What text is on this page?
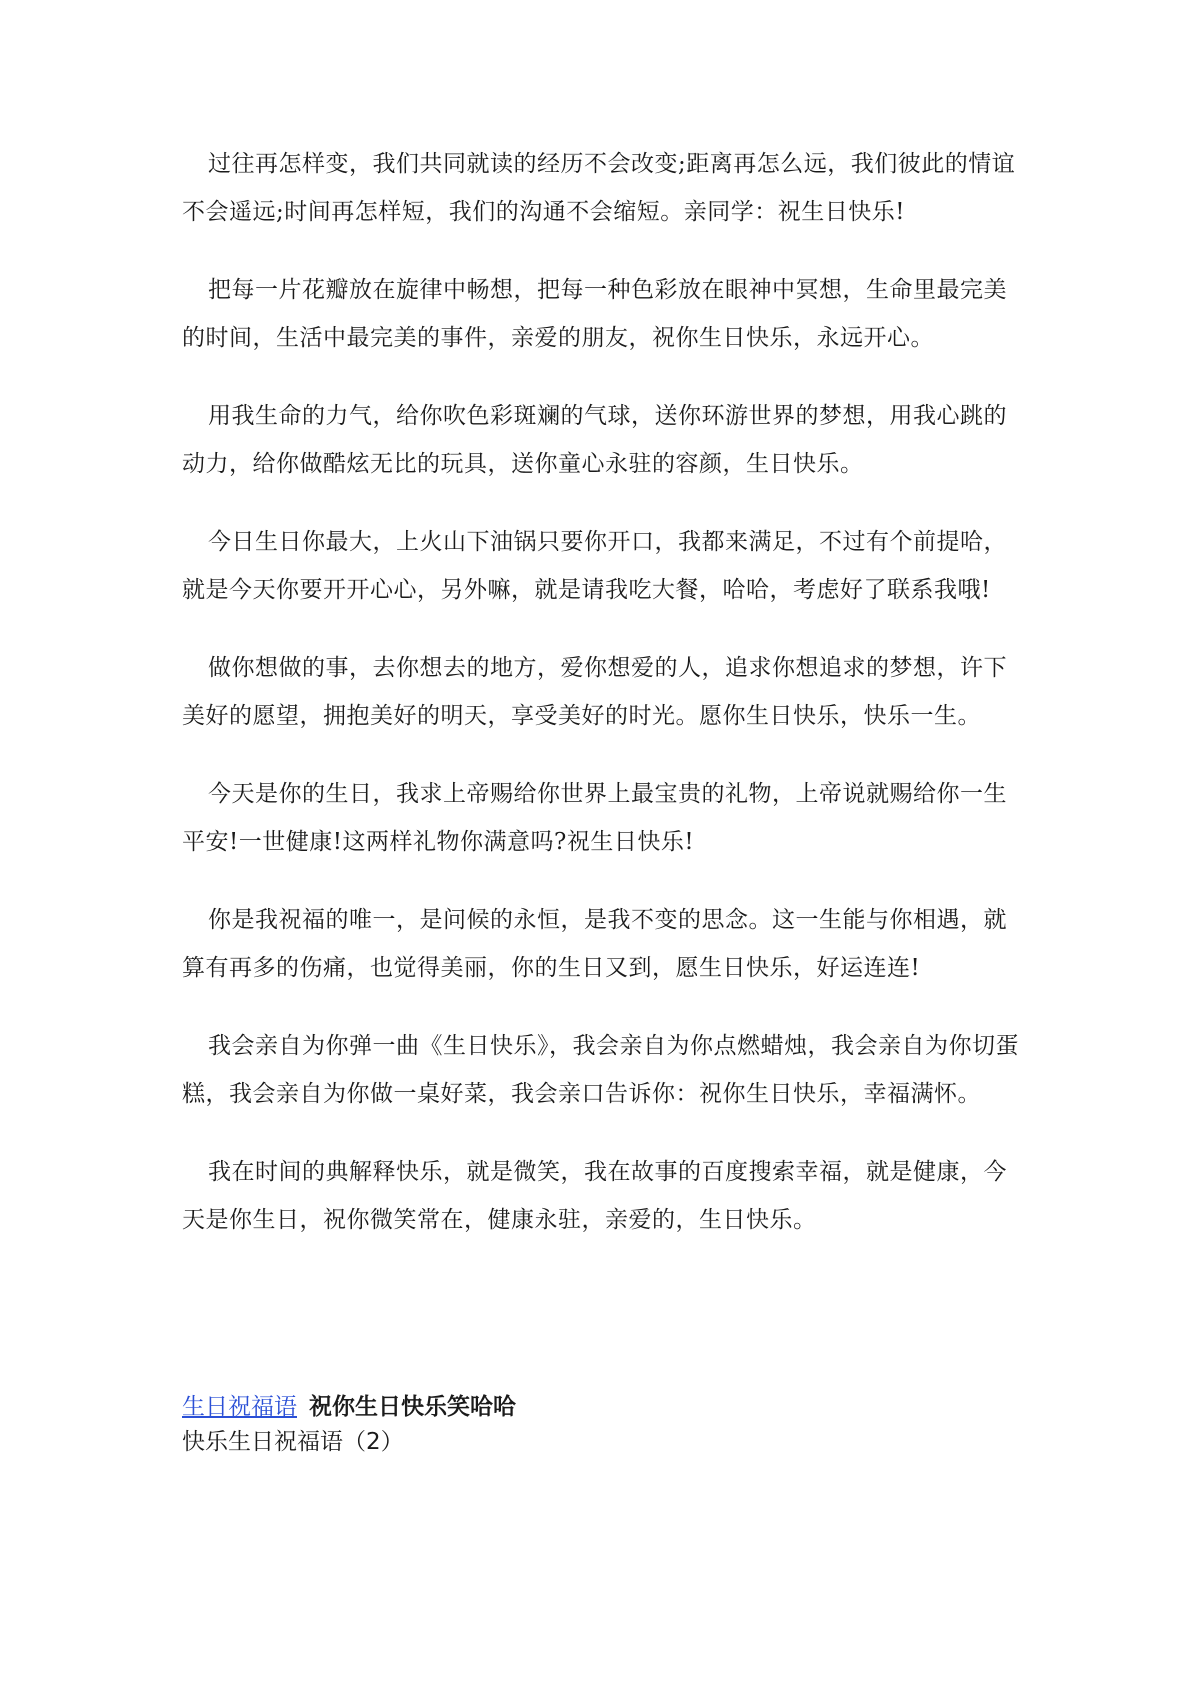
过往再怎样变，我们共同就读的经历不会改变;距离再怎么远，我们彼此的情谊不会遥远;时间再怎样短，我们的沟通不会缩短。亲同学：祝生日快乐!

把每一片花瓣放在旋律中畅想，把每一种色彩放在眼神中冥想，生命里最完美的时间，生活中最完美的事件，亲爱的朋友，祝你生日快乐，永远开心。

用我生命的力气，给你吹色彩斑斓的气球，送你环游世界的梦想，用我心跳的动力，给你做酷炫无比的玩具，送你童心永驻的容颜，生日快乐。

今日生日你最大，上火山下油锅只要你开口，我都来满足，不过有个前提哈，就是今天你要开开心心，另外嘛，就是请我吃大餐，哈哈，考虑好了联系我哦!

做你想做的事，去你想去的地方，爱你想爱的人，追求你想追求的梦想，许下美好的愿望，拥抱美好的明天，享受美好的时光。愿你生日快乐，快乐一生。

今天是你的生日，我求上帝赐给你世界上最宝贵的礼物，上帝说就赐给你一生平安!一世健康!这两样礼物你满意吗?祝生日快乐!

你是我祝福的唯一，是问候的永恒，是我不变的思念。这一生能与你相遇，就算有再多的伤痛，也觉得美丽，你的生日又到，愿生日快乐，好运连连!

我会亲自为你弹一曲《生日快乐》，我会亲自为你点燃蜡烛，我会亲自为你切蛋糕，我会亲自为你做一桌好菜，我会亲口告诉你：祝你生日快乐，幸福满怀。

我在时间的典解释快乐，就是微笑，我在故事的百度搜索幸福，就是健康，今天是你生日，祝你微笑常在，健康永驻，亲爱的，生日快乐。

生日祝福语 祝你生日快乐笑哈哈
快乐生日祝福语（2）
